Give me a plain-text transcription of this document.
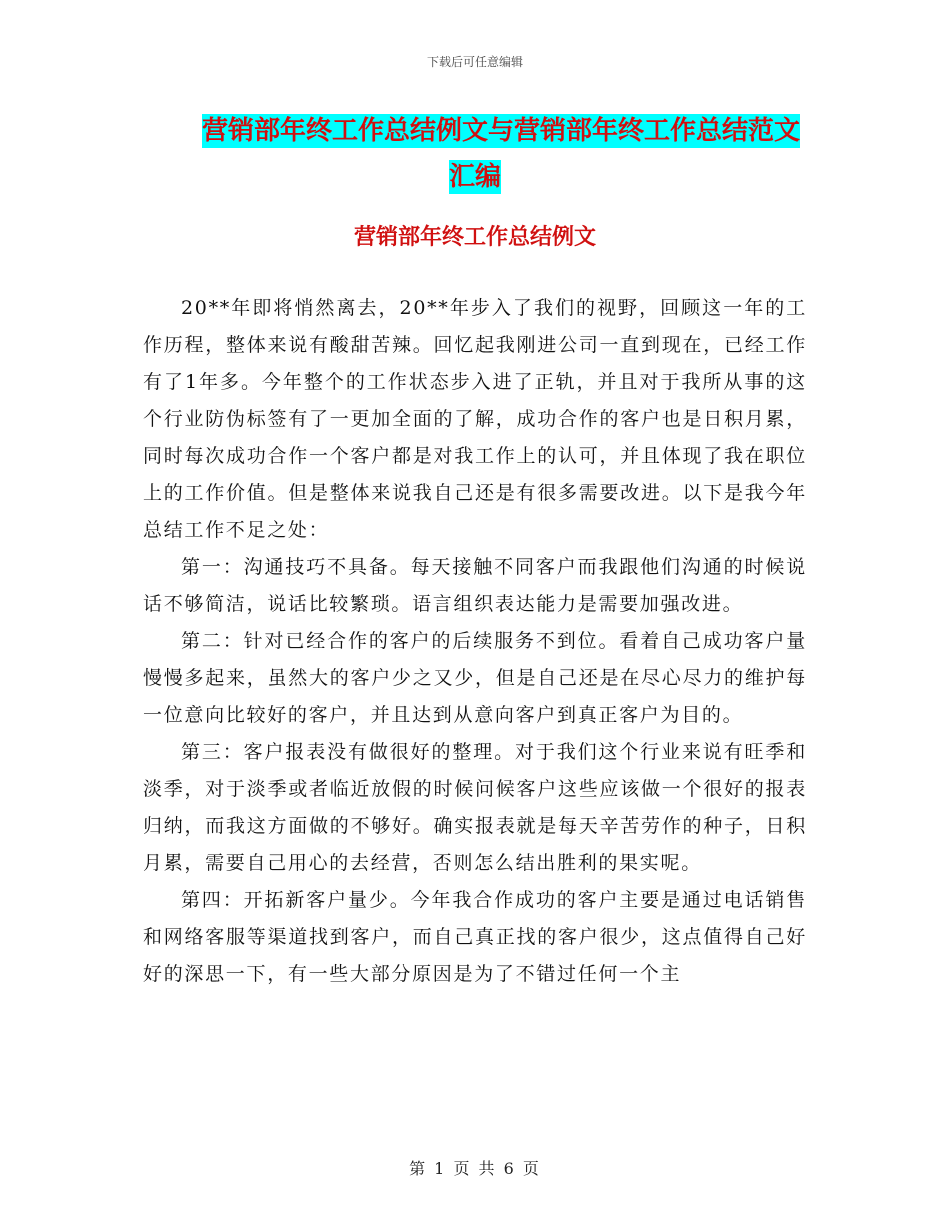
下载后可任意编辑
营销部年终工作总结例文与营销部年终工作总结范文
汇编
营销部年终工作总结例文

20**年即将悄然离去，20**年步入了我们的视野，回顾这一年的工作历程，整体来说有酸甜苦辣。回忆起我刚进公司一直到现在，已经工作有了1年多。今年整个的工作状态步入进了正轨，并且对于我所从事的这个行业防伪标签有了一更加全面的了解，成功合作的客户也是日积月累，同时每次成功合作一个客户都是对我工作上的认可，并且体现了我在职位上的工作价值。但是整体来说我自己还是有很多需要改进。以下是我今年总结工作不足之处：

第一：沟通技巧不具备。每天接触不同客户而我跟他们沟通的时候说话不够简洁，说话比较繁琐。语言组织表达能力是需要加强改进。

第二：针对已经合作的客户的后续服务不到位。看着自己成功客户量慢慢多起来，虽然大的客户少之又少，但是自己还是在尽心尽力的维护每一位意向比较好的客户，并且达到从意向客户到真正客户为目的。

第三：客户报表没有做很好的整理。对于我们这个行业来说有旺季和淡季，对于淡季或者临近放假的时候问候客户这些应该做一个很好的报表归纳，而我这方面做的不够好。确实报表就是每天辛苦劳作的种子，日积月累，需要自己用心的去经营，否则怎么结出胜利的果实呢。

第四：开拓新客户量少。今年我合作成功的客户主要是通过电话销售和网络客服等渠道找到客户，而自己真正找的客户很少，这点值得自己好好的深思一下，有一些大部分原因是为了不错过任何一个主

第 1 页 共 6 页
